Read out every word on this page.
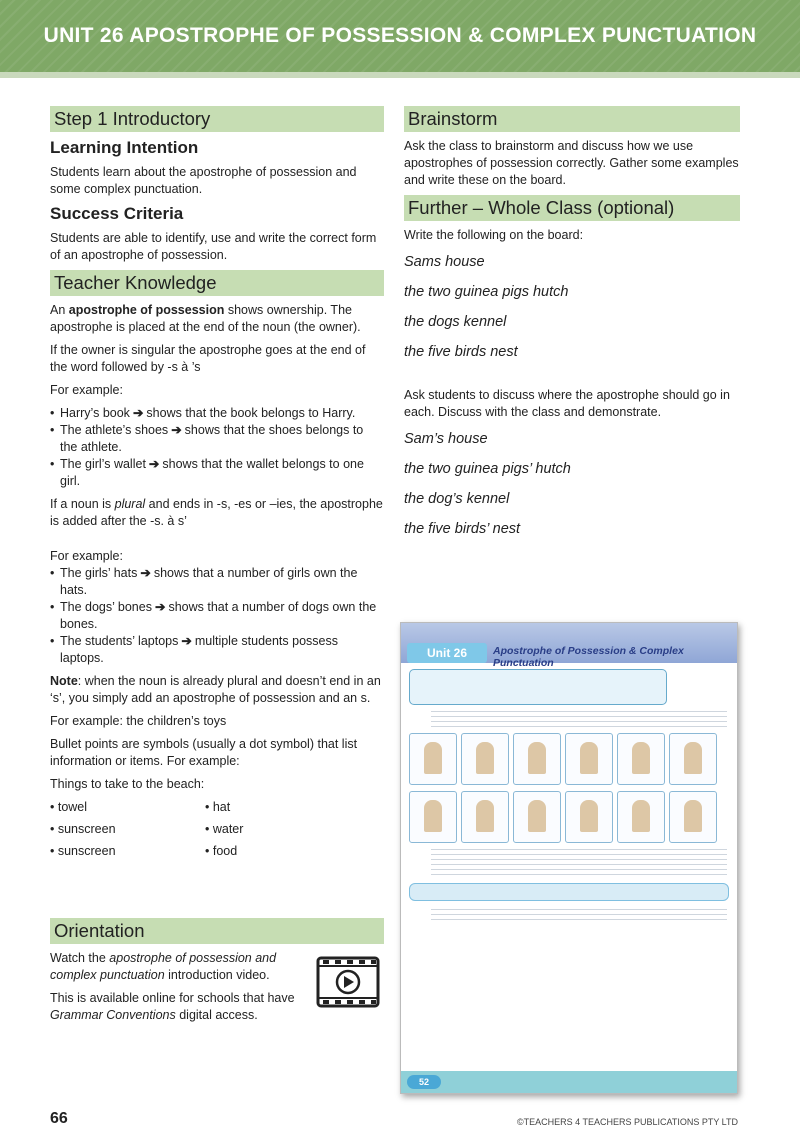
UNIT 26 APOSTROPHE OF POSSESSION & COMPLEX PUNCTUATION
Step 1 Introductory
Learning Intention

Students learn about the apostrophe of possession and some complex punctuation.

Success Criteria

Students are able to identify, use and write the correct form of an apostrophe of possession.

Teacher Knowledge

An apostrophe of possession shows ownership. The apostrophe is placed at the end of the noun (the owner).

If the owner is singular the apostrophe goes at the end of the word followed by -s à ’s

For example:

• Harry’s book ➔ shows that the book belongs to Harry.
• The athlete’s shoes ➔ shows that the shoes belongs to the athlete.
• The girl’s wallet ➔ shows that the wallet belongs to one girl.

If a noun is plural and ends in -s, -es or –ies, the apostrophe is added after the -s. à s’

For example:

• The girls’ hats ➔ shows that a number of girls own the hats.
• The dogs’ bones ➔ shows that a number of dogs own the bones.
• The students’ laptops ➔ multiple students possess laptops.

Note: when the noun is already plural and doesn’t end in an ‘s’, you simply add an apostrophe of possession and an s.

For example: the children’s toys

Bullet points are symbols (usually a dot symbol) that list information or items. For example:

Things to take to the beach:

• towel	• hat
• sunscreen	• water
• sunscreen	• food
Orientation

Watch the apostrophe of possession and complex punctuation introduction video.

This is available online for schools that have Grammar Conventions digital access.

Brainstorm

Ask the class to brainstorm and discuss how we use apostrophes of possession correctly. Gather some examples and write these on the board.

Further – Whole Class (optional)

Write the following on the board:

Sams house
the two guinea pigs hutch
the dogs kennel
the five birds nest

Ask students to discuss where the apostrophe should go in each. Discuss with the class and demonstrate.

Sam’s house
the two guinea pigs’ hutch
the dog’s kennel
the five birds’ nest
Unit 26	Apostrophe of Possession & Complex Punctuation
52
66	©TEACHERS 4 TEACHERS PUBLICATIONS PTY LTD
